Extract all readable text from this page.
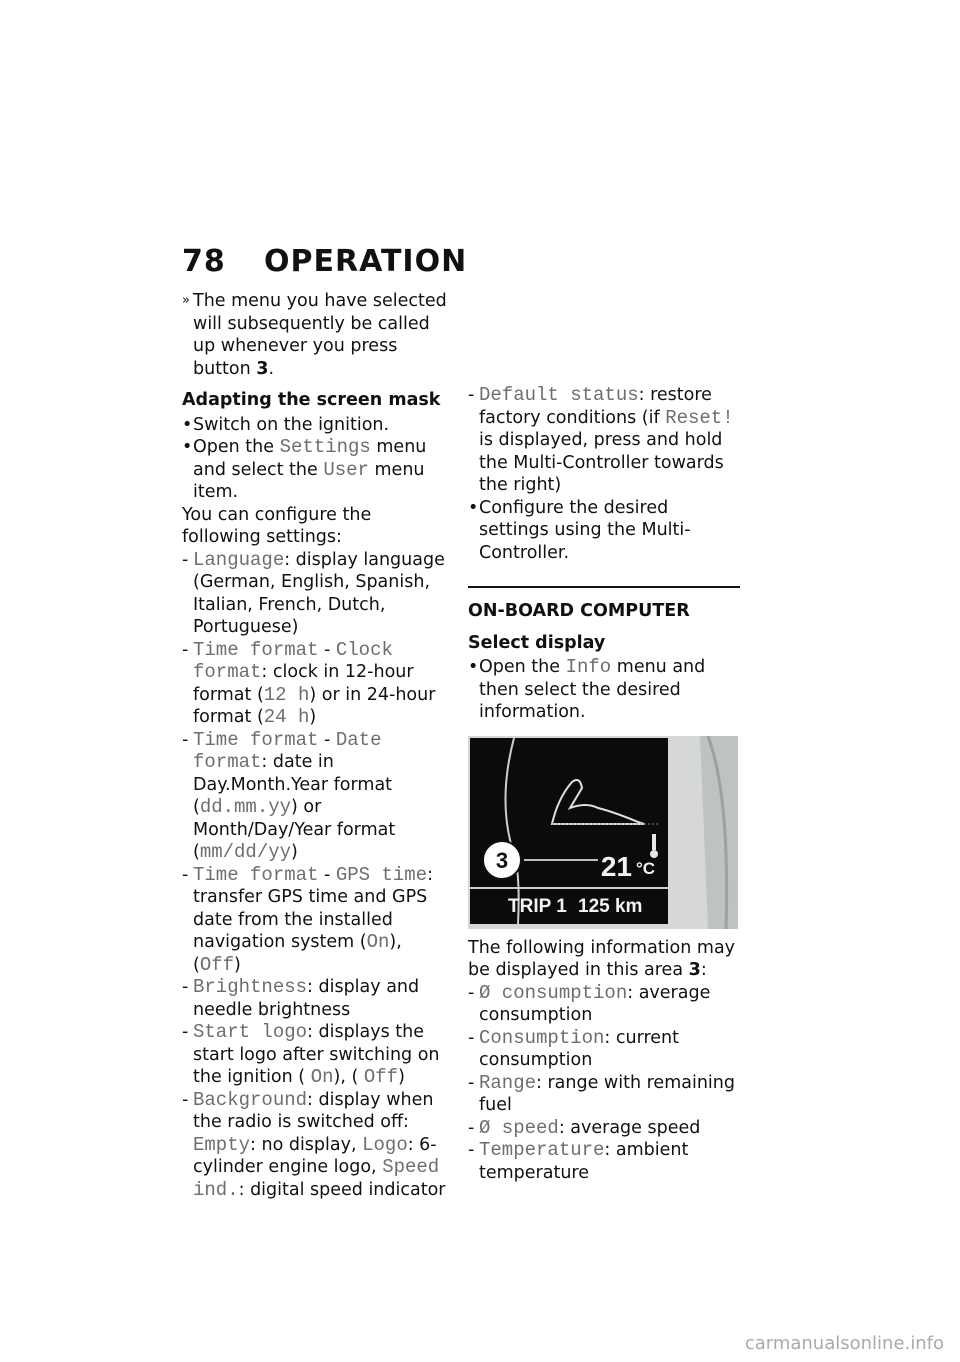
78	OPERATION

» The menu you have selected will subsequently be called up whenever you press button 3.

Adapting the screen mask

• Switch on the ignition.

• Open the Settings menu and select the User menu item.

You can configure the following settings:

- Language: display language (German, English, Spanish, Italian, French, Dutch, Portuguese)

- Time format - Clock format: clock in 12-hour format (12 h) or in 24-hour format (24 h)

- Time format - Date format: date in Day.Month.Year format (dd.mm.yy) or Month/Day/Year format (mm/dd/yy)

- Time format - GPS time: transfer GPS time and GPS date from the installed navigation system (On), (Off)

- Brightness: display and needle brightness

- Start logo: displays the start logo after switching on the ignition ( On), ( Off)

- Background: display when the radio is switched off: Empty: no display, Logo: 6-cylinder engine logo, Speed ind.: digital speed indicator

- Default status: restore factory conditions (if Reset! is displayed, press and hold the Multi-Controller towards the right)

• Configure the desired settings using the Multi-Controller.

ON-BOARD COMPUTER

Select display

• Open the Info menu and then select the desired information.

3	21 °C
TRIP 1 125 km

The following information may be displayed in this area 3:

- Ø consumption: average consumption

- Consumption: current consumption

- Range: range with remaining fuel

- Ø speed: average speed

- Temperature: ambient temperature

carmanualsonline.info
